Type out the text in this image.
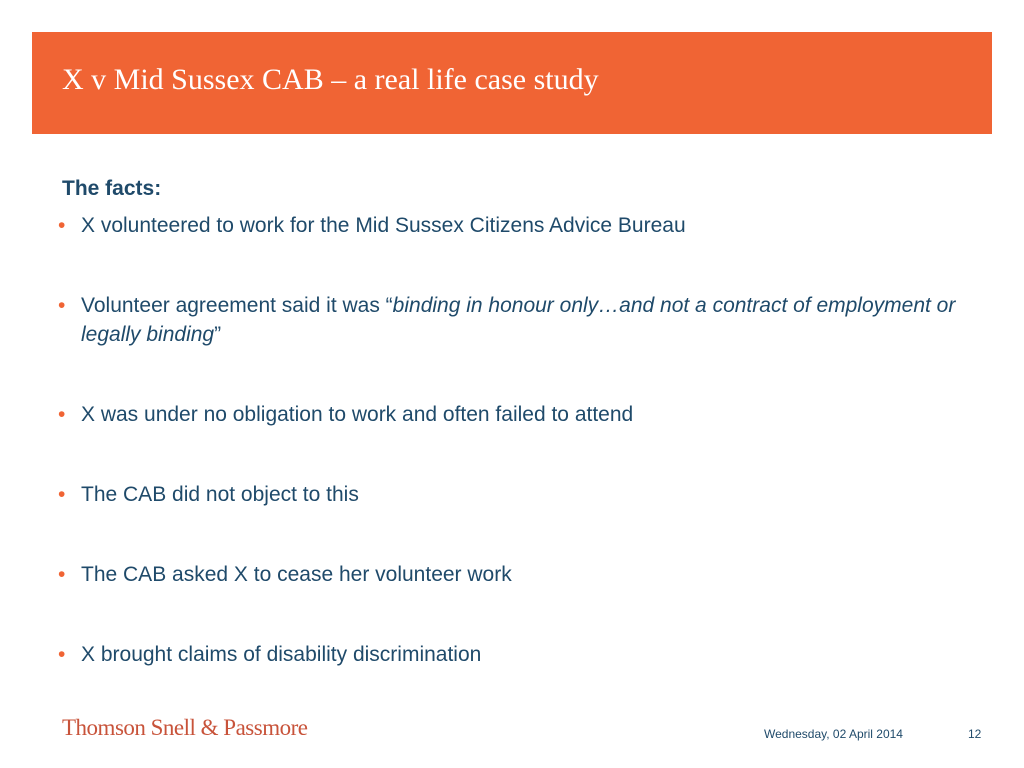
X v Mid Sussex CAB – a real life case study
The facts:
• X volunteered to work for the Mid Sussex Citizens Advice Bureau
• Volunteer agreement said it was “binding in honour only…and not a contract of employment or legally binding”
• X was under no obligation to work and often failed to attend
• The CAB did not object to this
• The CAB asked X to cease her volunteer work
• X brought claims of disability discrimination
Thomson Snell & Passmore	Wednesday, 02 April 2014	12
